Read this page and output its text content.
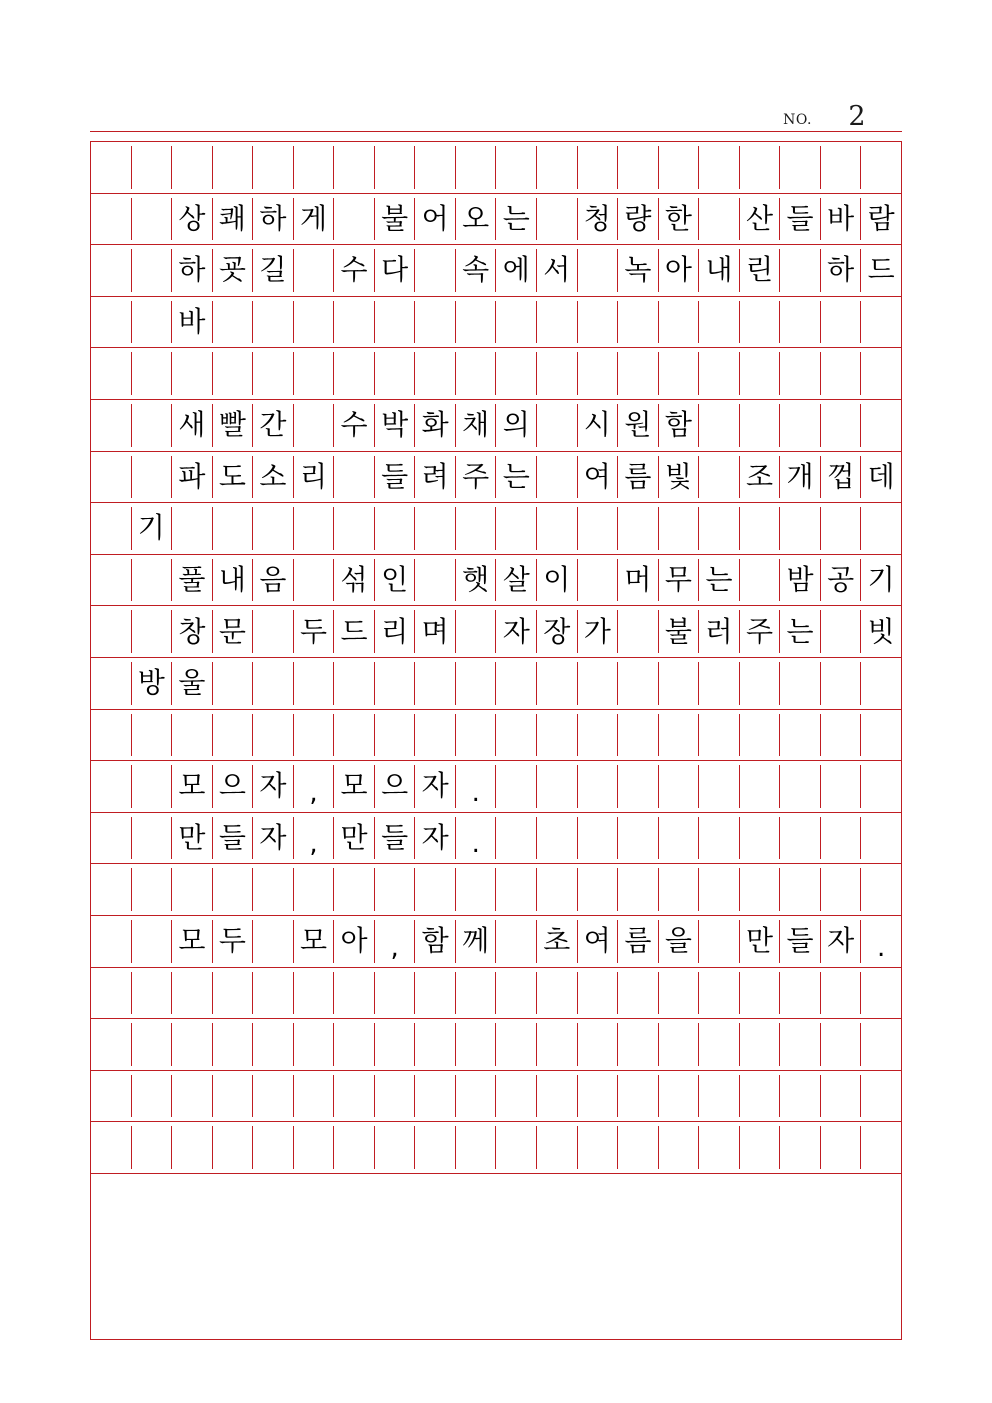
NO.	2
상 쾌 하 게 불 어 오 는 청 량 한 산 들 바 람
하 굣 길 수 다 속 에 서 녹 아 내 린 하 드
바
새 빨 간 수 박 화 채 의 시 원 함
파 도 소 리 들 려 주 는 여 름 빛 조 개 껍 데
기
풀 내 음 섞 인 햇 살 이 머 무 는 밤 공 기
창 문 두 드 리 며 자 장 가 불 러 주 는 빗
방 울
모 으 자 , 모 으 자 .
만 들 자 , 만 들 자 .
모 두 모 아 , 함 께 초 여 름 을 만 들 자 .
